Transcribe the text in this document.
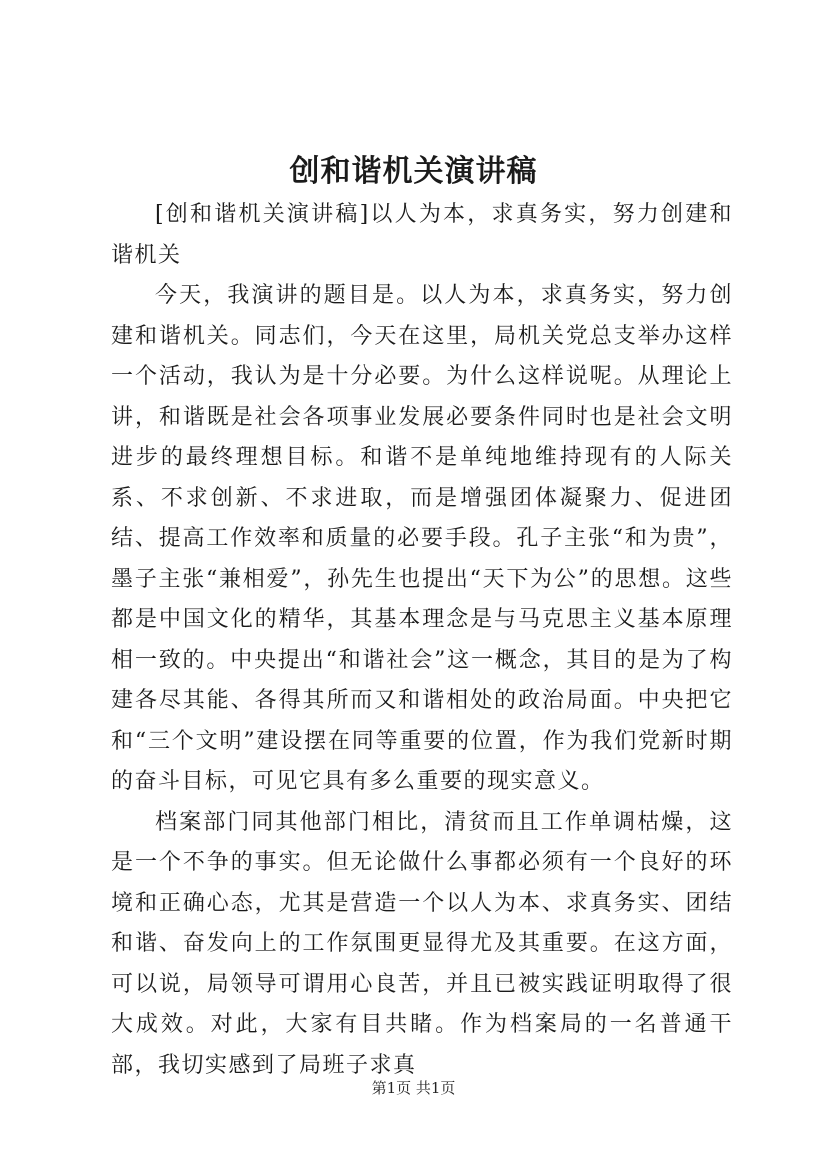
创和谐机关演讲稿

[创和谐机关演讲稿]以人为本，求真务实，努力创建和谐机关

今天，我演讲的题目是。以人为本，求真务实，努力创建和谐机关。同志们，今天在这里，局机关党总支举办这样一个活动，我认为是十分必要。为什么这样说呢。从理论上讲，和谐既是社会各项事业发展必要条件同时也是社会文明进步的最终理想目标。和谐不是单纯地维持现有的人际关系、不求创新、不求进取，而是增强团体凝聚力、促进团结、提高工作效率和质量的必要手段。孔子主张“和为贵”，墨子主张“兼相爱”，孙先生也提出“天下为公”的思想。这些都是中国文化的精华，其基本理念是与马克思主义基本原理相一致的。中央提出“和谐社会”这一概念，其目的是为了构建各尽其能、各得其所而又和谐相处的政治局面。中央把它和“三个文明”建设摆在同等重要的位置，作为我们党新时期的奋斗目标，可见它具有多么重要的现实意义。

档案部门同其他部门相比，清贫而且工作单调枯燥，这是一个不争的事实。但无论做什么事都必须有一个良好的环境和正确心态，尤其是营造一个以人为本、求真务实、团结和谐、奋发向上的工作氛围更显得尤及其重要。在这方面，可以说，局领导可谓用心良苦，并且已被实践证明取得了很大成效。对此，大家有目共睹。作为档案局的一名普通干部，我切实感到了局班子求真

第1页 共1页
